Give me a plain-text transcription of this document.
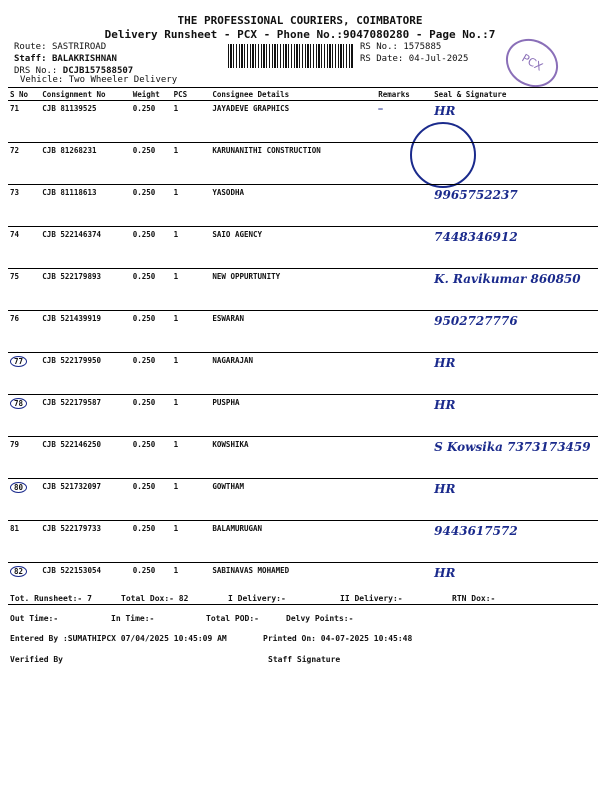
THE PROFESSIONAL COURIERS, COIMBATORE
Delivery Runsheet - PCX - Phone No.:9047080280 - Page No.:7
Route: SASTRIROAD
Staff: BALAKRISHNAN
DRS No.: DCJB157588507
Vehicle: Two Wheeler Delivery
RS No.: 1575885
RS Date: 04-Jul-2025	PCX
S No	Consignment No	Weight	PCS	Consignee Details	Remarks	Seal & Signature
71	CJB 81139525	0.250	1	JAYADEVE GRAPHICS	—	HR
72	CJB 81268231	0.250	1	KARUNANITHI CONSTRUCTION		
73	CJB 81118613	0.250	1	YASODHA		9965752237
74	CJB 522146374	0.250	1	SAIO AGENCY		7448346912
75	CJB 522179893	0.250	1	NEW OPPURTUNITY		K. Ravikumar 860850
76	CJB 521439919	0.250	1	ESWARAN		9502727776
77	CJB 522179950	0.250	1	NAGARAJAN		HR
78	CJB 522179587	0.250	1	PUSPHA		HR
79	CJB 522146250	0.250	1	KOWSHIKA		S Kowsika 7373173459
80	CJB 521732097	0.250	1	GOWTHAM		HR
81	CJB 522179733	0.250	1	BALAMURUGAN		9443617572
82	CJB 522153054	0.250	1	SABINAVAS MOHAMED		HR
Tot. Runsheet:- 7	Total Dox:- 82	I Delivery:-	II Delivery:-	RTN Dox:-
Out Time:-	In Time:-	Total POD:-	Delvy Points:-
Entered By :SUMATHIPCX 07/04/2025 10:45:09 AM	Printed On: 04-07-2025 10:45:48
Verified By	Staff Signature
